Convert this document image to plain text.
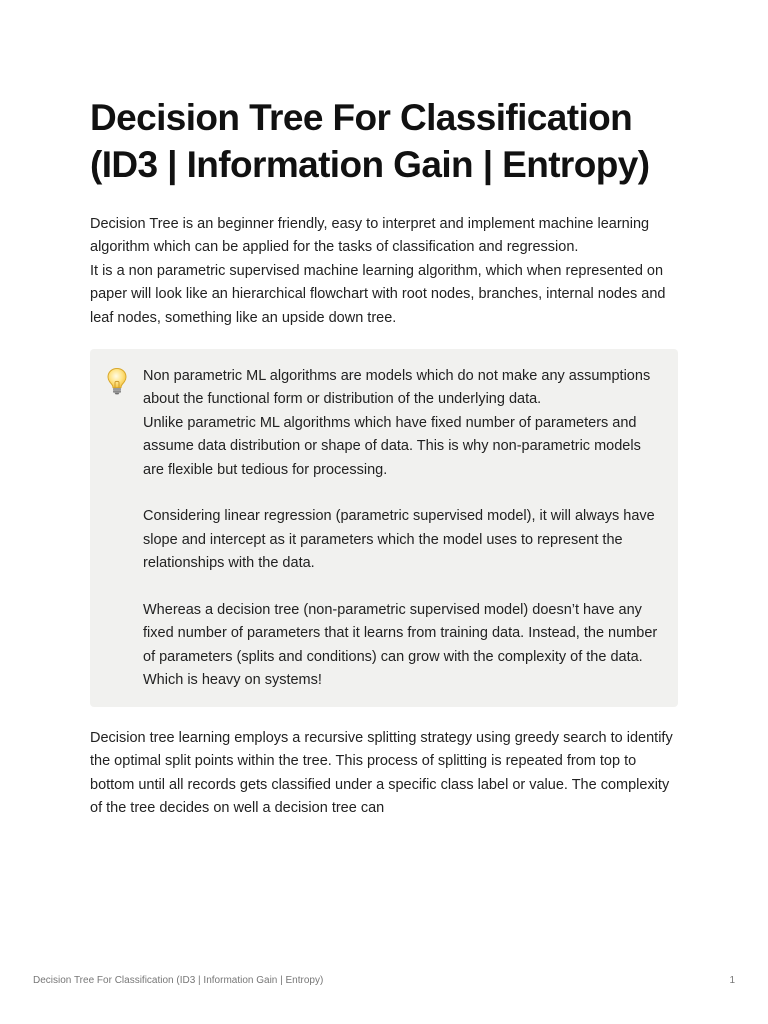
Decision Tree For Classification (ID3 | Information Gain | Entropy)

Decision Tree is an beginner friendly, easy to interpret and implement machine learning algorithm which can be applied for the tasks of classification and regression.

It is a non parametric supervised machine learning algorithm, which when represented on paper will look like an hierarchical flowchart with root nodes, branches, internal nodes and leaf nodes, something like an upside down tree.

Non parametric ML algorithms are models which do not make any assumptions about the functional form or distribution of the underlying data.

Unlike parametric ML algorithms which have fixed number of parameters and assume data distribution or shape of data. This is why non-parametric models are flexible but tedious for processing.

Considering linear regression (parametric supervised model), it will always have slope and intercept as it parameters which the model uses to represent the relationships with the data.

Whereas a decision tree (non-parametric supervised model) doesn’t have any fixed number of parameters that it learns from training data. Instead, the number of parameters (splits and conditions) can grow with the complexity of the data. Which is heavy on systems!

Decision tree learning employs a recursive splitting strategy using greedy search to identify the optimal split points within the tree. This process of splitting is repeated from top to bottom until all records gets classified under a specific class label or value. The complexity of the tree decides on well a decision tree can

Decision Tree For Classification (ID3 | Information Gain | Entropy)	1
